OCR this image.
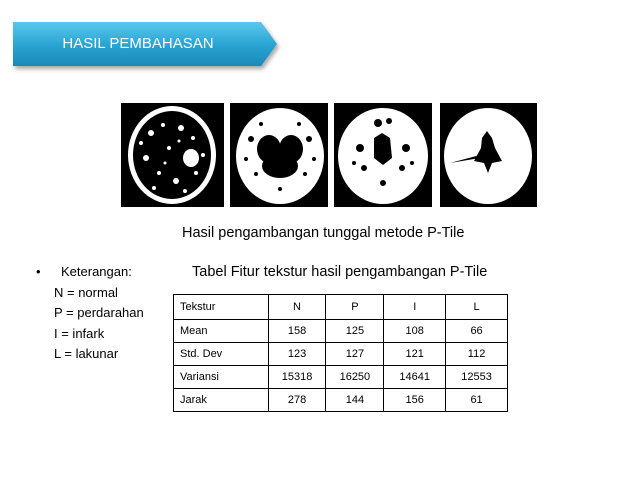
HASIL PEMBAHASAN
Hasil pengambangan tunggal metode P-Tile
• Keterangan:
N = normal
P = perdarahan
I = infark
L = lakunar
Tabel Fitur tekstur hasil pengambangan P-Tile
Tekstur	N	P	I	L
Mean	158	125	108	66
Std. Dev	123	127	121	112
Variansi	15318	16250	14641	12553
Jarak	278	144	156	61
